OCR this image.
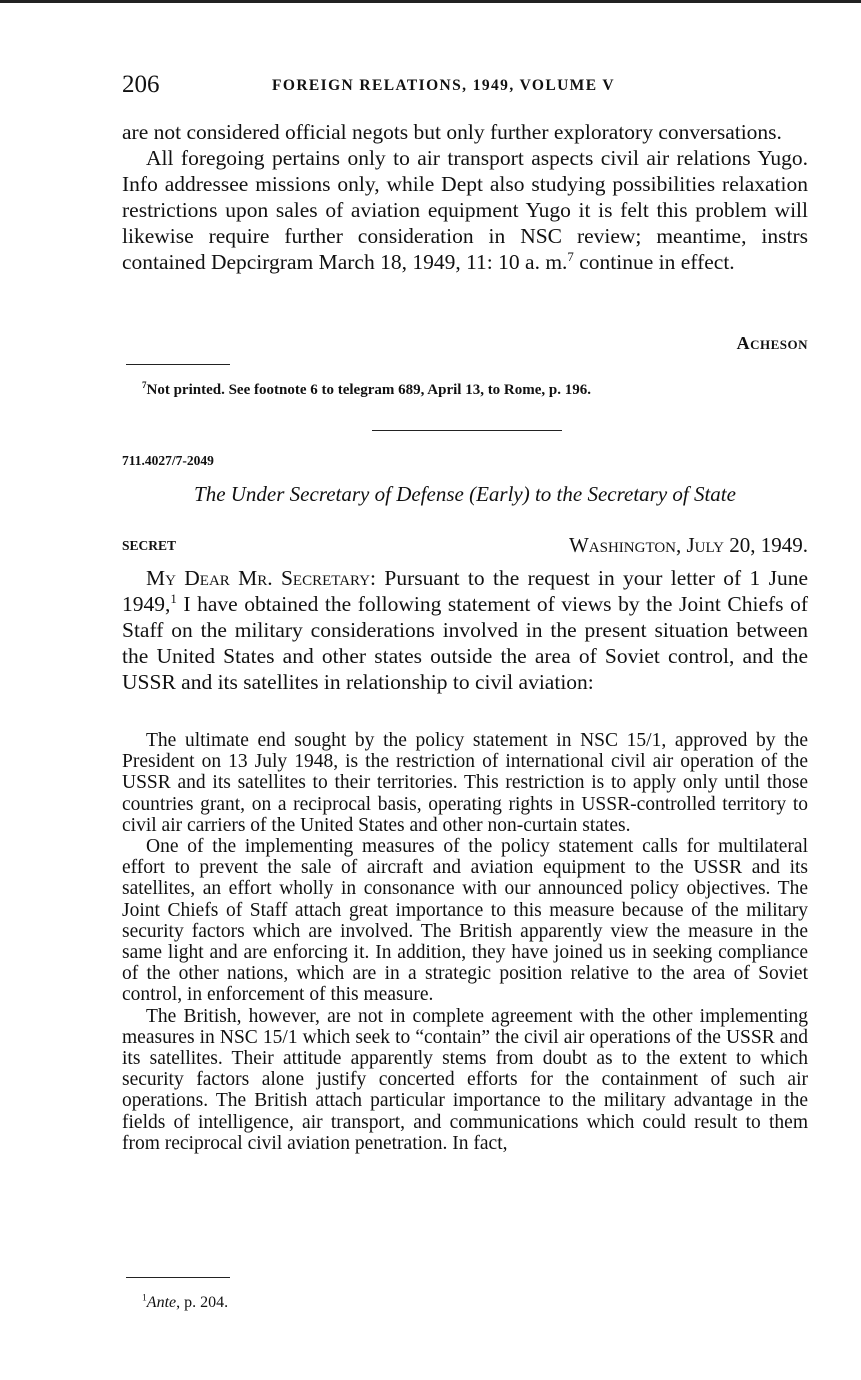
206	FOREIGN RELATIONS, 1949, VOLUME V

are not considered official negots but only further exploratory conversations.

All foregoing pertains only to air transport aspects civil air relations Yugo. Info addressee missions only, while Dept also studying possibilities relaxation restrictions upon sales of aviation equipment Yugo it is felt this problem will likewise require further consideration in NSC review; meantime, instrs contained Depcirgram March 18, 1949, 11: 10 a. m.$^7$ continue in effect.

Acheson
$^7$Not printed. See footnote 6 to telegram 689, April 13, to Rome, p. 196.
711.4027/7-2049
The Under Secretary of Defense (Early) to the Secretary of State
SECRET	Washington, July 20, 1949.

My Dear Mr. Secretary: Pursuant to the request in your letter of 1 June 1949,$^1$ I have obtained the following statement of views by the Joint Chiefs of Staff on the military considerations involved in the present situation between the United States and other states outside the area of Soviet control, and the USSR and its satellites in relationship to civil aviation:

The ultimate end sought by the policy statement in NSC 15/1, approved by the President on 13 July 1948, is the restriction of international civil air operation of the USSR and its satellites to their territories. This restriction is to apply only until those countries grant, on a reciprocal basis, operating rights in USSR-controlled territory to civil air carriers of the United States and other non-curtain states.

One of the implementing measures of the policy statement calls for multilateral effort to prevent the sale of aircraft and aviation equipment to the USSR and its satellites, an effort wholly in consonance with our announced policy objectives. The Joint Chiefs of Staff attach great importance to this measure because of the military security factors which are involved. The British apparently view the measure in the same light and are enforcing it. In addition, they have joined us in seeking compliance of the other nations, which are in a strategic position relative to the area of Soviet control, in enforcement of this measure.

The British, however, are not in complete agreement with the other implementing measures in NSC 15/1 which seek to “contain” the civil air operations of the USSR and its satellites. Their attitude apparently stems from doubt as to the extent to which security factors alone justify concerted efforts for the containment of such air operations. The British attach particular importance to the military advantage in the fields of intelligence, air transport, and communications which could result to them from reciprocal civil aviation penetration. In fact,

$^1$Ante, p. 204.
